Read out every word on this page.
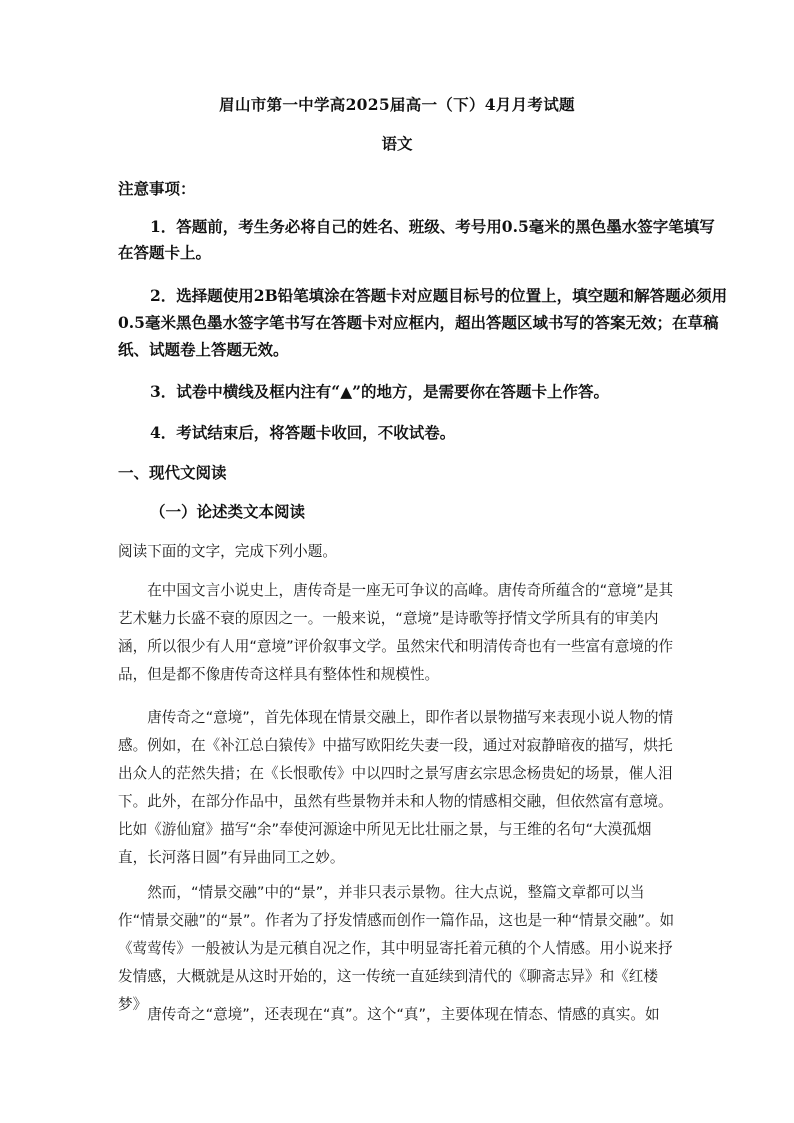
眉山市第一中学高2025届高一（下）4月月考试题
语文
注意事项：
1．答题前，考生务必将自己的姓名、班级、考号用0.5毫米的黑色墨水签字笔填写
在答题卡上。
2．选择题使用2B铅笔填涂在答题卡对应题目标号的位置上，填空题和解答题必须用
0.5毫米黑色墨水签字笔书写在答题卡对应框内，超出答题区域书写的答案无效；在草稿
纸、试题卷上答题无效。
3．试卷中横线及框内注有“▲”的地方，是需要你在答题卡上作答。
4．考试结束后，将答题卡收回，不收试卷。
一、现代文阅读
（一）论述类文本阅读
阅读下面的文字，完成下列小题。

在中国文言小说史上，唐传奇是一座无可争议的高峰。唐传奇所蕴含的“意境”是其艺术魅力长盛不衰的原因之一。一般来说，“意境”是诗歌等抒情文学所具有的审美内涵，所以很少有人用“意境”评价叙事文学。虽然宋代和明清传奇也有一些富有意境的作品，但是都不像唐传奇这样具有整体性和规模性。

唐传奇之“意境”，首先体现在情景交融上，即作者以景物描写来表现小说人物的情感。例如，在《补江总白猿传》中描写欧阳纥失妻一段，通过对寂静暗夜的描写，烘托出众人的茫然失措；在《长恨歌传》中以四时之景写唐玄宗思念杨贵妃的场景，催人泪下。此外，在部分作品中，虽然有些景物并未和人物的情感相交融，但依然富有意境。比如《游仙窟》描写“余”奉使河源途中所见无比壮丽之景，与王维的名句“大漠孤烟直，长河落日圆”有异曲同工之妙。

然而，“情景交融”中的“景”，并非只表示景物。往大点说，整篇文章都可以当作“情景交融”的“景”。作者为了抒发情感而创作一篇作品，这也是一种“情景交融”。如《莺莺传》一般被认为是元稹自况之作，其中明显寄托着元稹的个人情感。用小说来抒发情感，大概就是从这时开始的，这一传统一直延续到清代的《聊斋志异》和《红楼梦》

唐传奇之“意境”，还表现在“真”。这个“真”，主要体现在情态、情感的真实。如
